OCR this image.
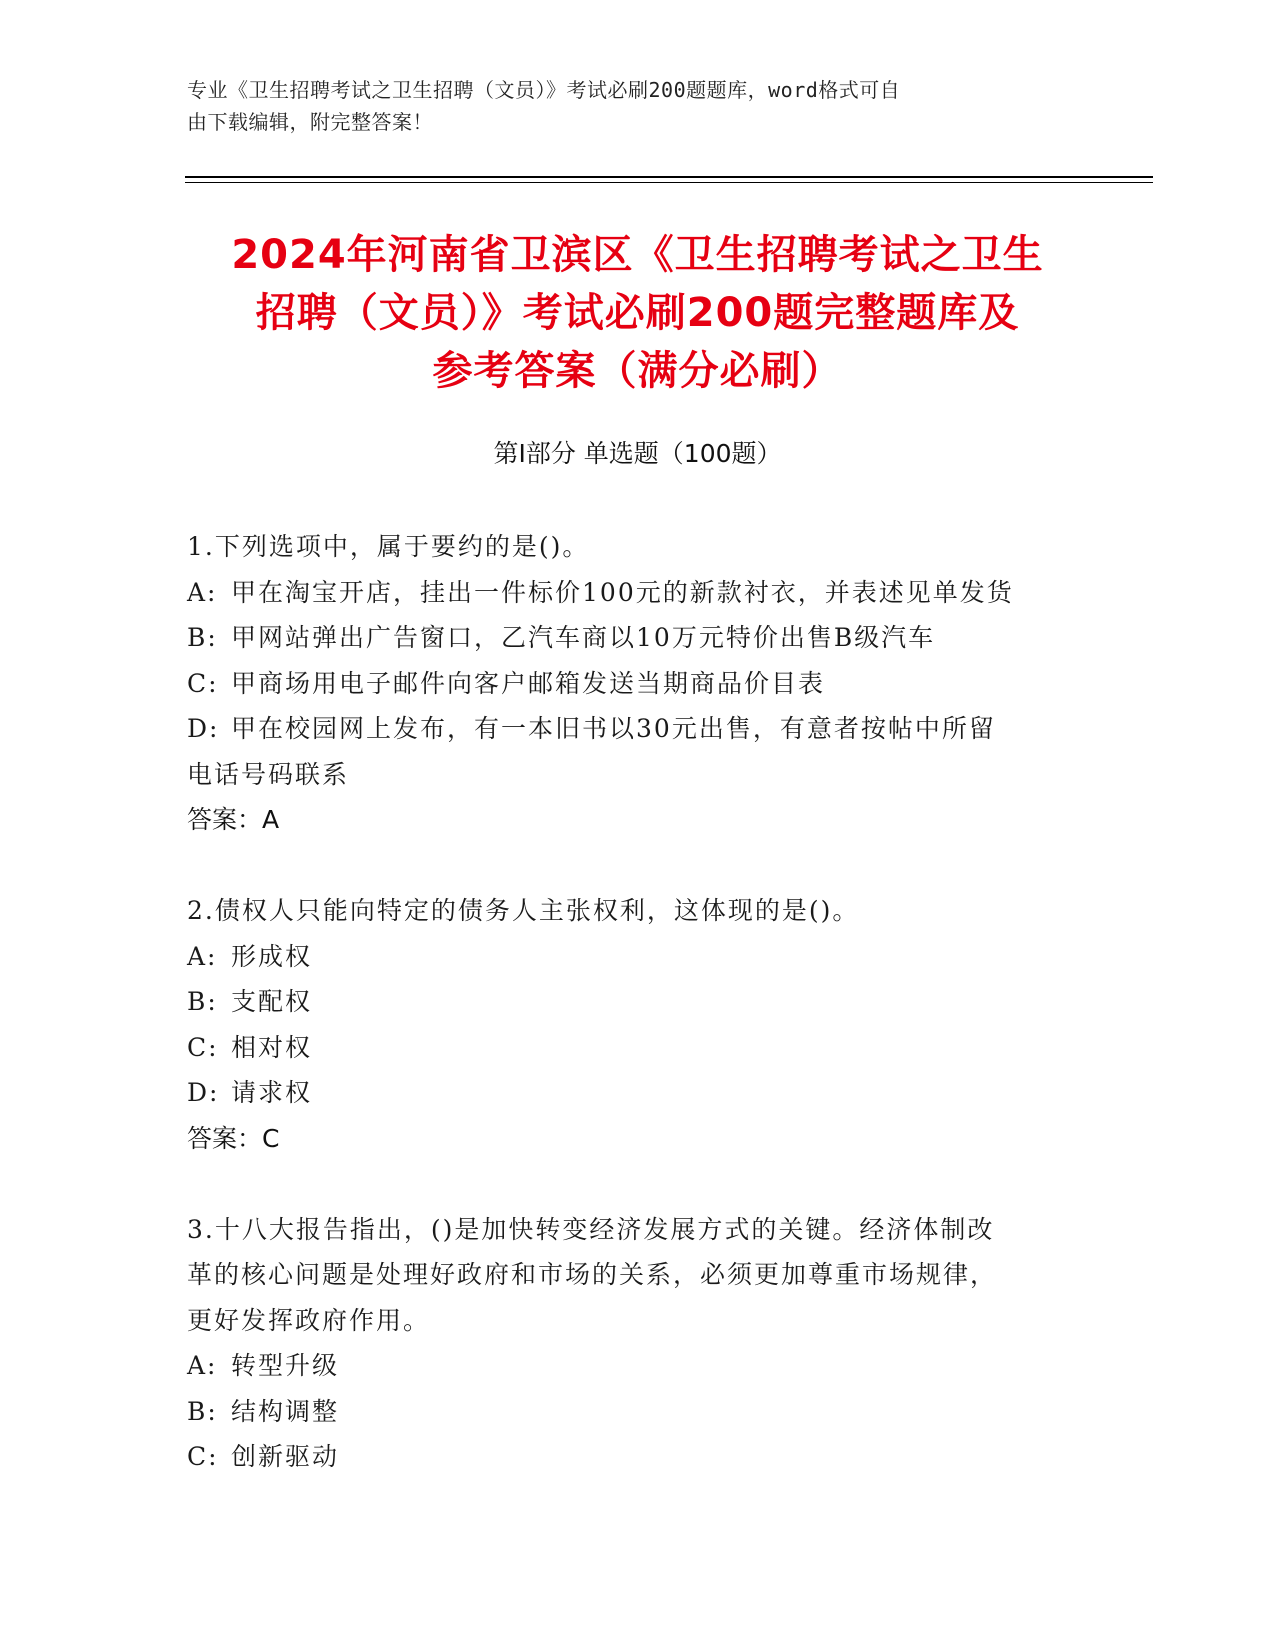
专业《卫生招聘考试之卫生招聘（文员）》考试必刷200题题库，word格式可自
由下载编辑，附完整答案！
2024年河南省卫滨区《卫生招聘考试之卫生
招聘（文员）》考试必刷200题完整题库及
参考答案（满分必刷）
第Ⅰ部分 单选题（100题）
1.下列选项中，属于要约的是()。
A: 甲在淘宝开店，挂出一件标价100元的新款衬衣，并表述见单发货
B: 甲网站弹出广告窗口，乙汽车商以10万元特价出售B级汽车
C: 甲商场用电子邮件向客户邮箱发送当期商品价目表
D: 甲在校园网上发布，有一本旧书以30元出售，有意者按帖中所留
电话号码联系
答案：A
2.债权人只能向特定的债务人主张权利，这体现的是()。
A: 形成权
B: 支配权
C: 相对权
D: 请求权
答案：C
3.十八大报告指出，()是加快转变经济发展方式的关键。经济体制改
革的核心问题是处理好政府和市场的关系，必须更加尊重市场规律，
更好发挥政府作用。
A: 转型升级
B: 结构调整
C: 创新驱动
